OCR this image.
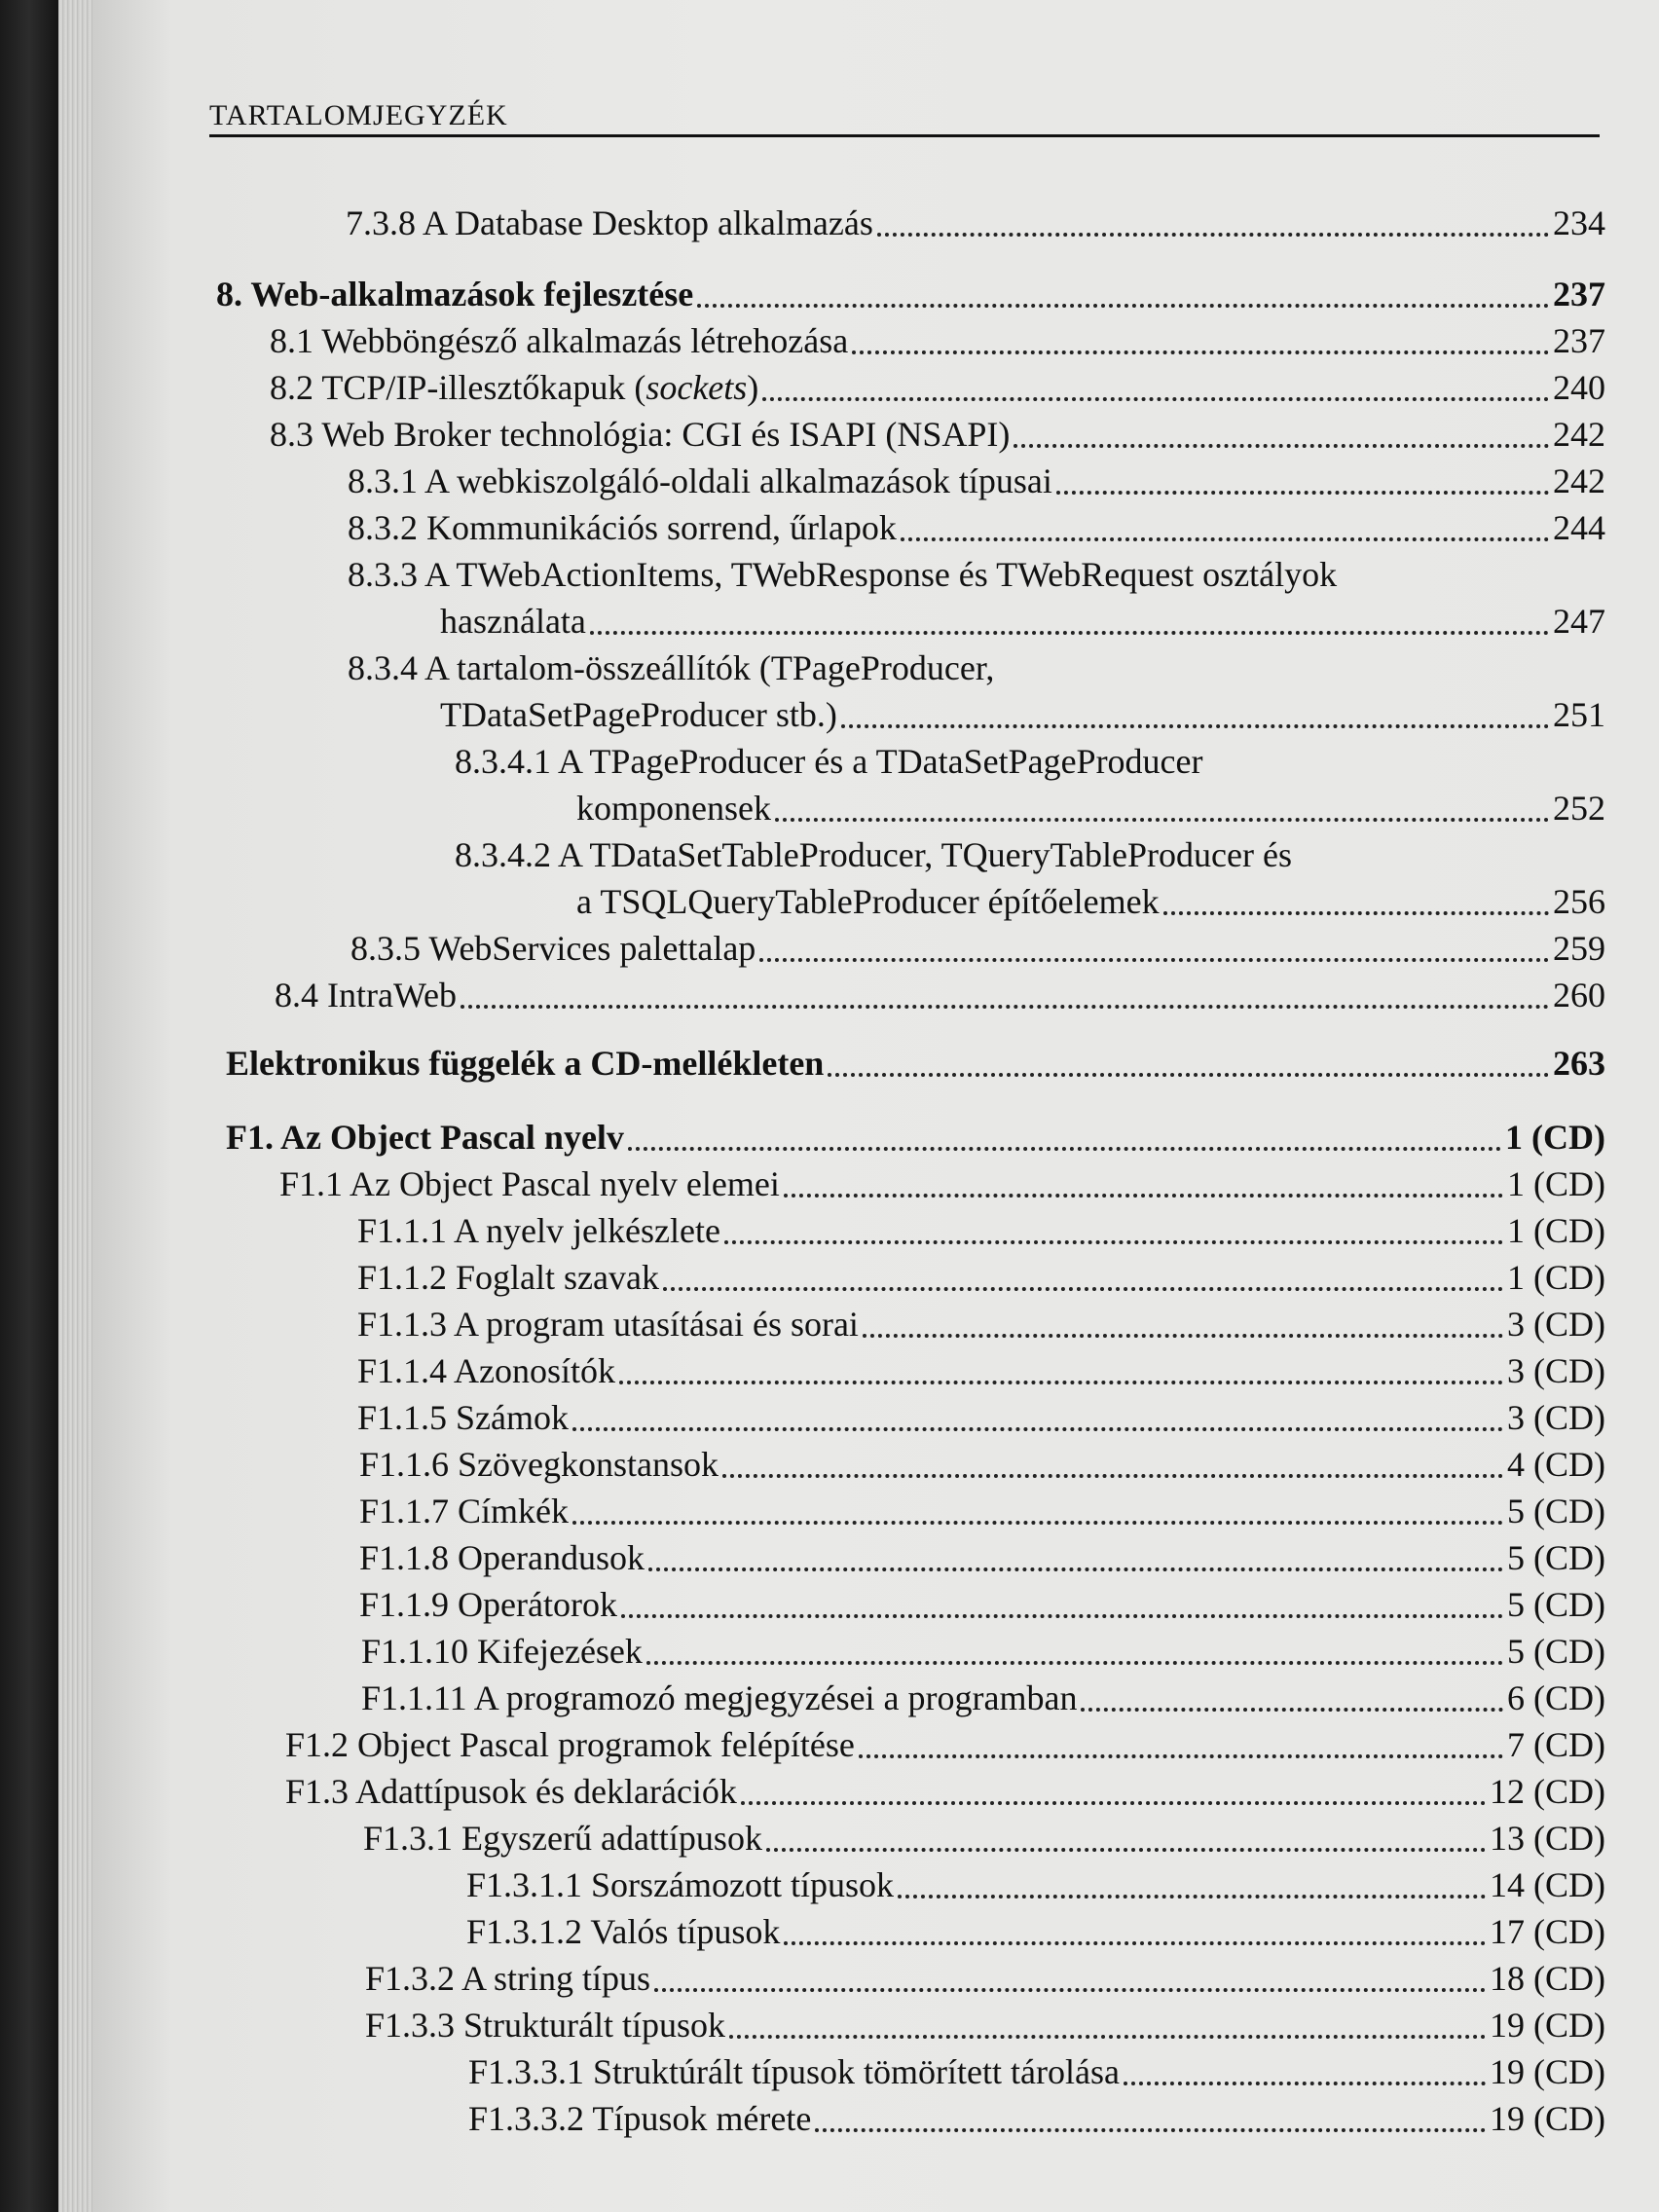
TARTALOMJEGYZÉK
7.3.8 A Database Desktop alkalmazás	234
8. Web-alkalmazások fejlesztése	237
8.1 Webböngésző alkalmazás létrehozása	237
8.2 TCP/IP-illesztőkapuk (sockets)	240
8.3 Web Broker technológia: CGI és ISAPI (NSAPI)	242
8.3.1 A webkiszolgáló-oldali alkalmazások típusai	242
8.3.2 Kommunikációs sorrend, űrlapok	244
8.3.3 A TWebActionItems, TWebResponse és TWebRequest osztályok
használata	247
8.3.4 A tartalom-összeállítók (TPageProducer,
TDataSetPageProducer stb.)	251
8.3.4.1 A TPageProducer és a TDataSetPageProducer
komponensek	252
8.3.4.2 A TDataSetTableProducer, TQueryTableProducer és
a TSQLQueryTableProducer építőelemek	256
8.3.5 WebServices palettalap	259
8.4 IntraWeb	260
Elektronikus függelék a CD-mellékleten	263
F1. Az Object Pascal nyelv	1 (CD)
F1.1 Az Object Pascal nyelv elemei	1 (CD)
F1.1.1 A nyelv jelkészlete	1 (CD)
F1.1.2 Foglalt szavak	1 (CD)
F1.1.3 A program utasításai és sorai	3 (CD)
F1.1.4 Azonosítók	3 (CD)
F1.1.5 Számok	3 (CD)
F1.1.6 Szövegkonstansok	4 (CD)
F1.1.7 Címkék	5 (CD)
F1.1.8 Operandusok	5 (CD)
F1.1.9 Operátorok	5 (CD)
F1.1.10 Kifejezések	5 (CD)
F1.1.11 A programozó megjegyzései a programban	6 (CD)
F1.2 Object Pascal programok felépítése	7 (CD)
F1.3 Adattípusok és deklarációk	12 (CD)
F1.3.1 Egyszerű adattípusok	13 (CD)
F1.3.1.1 Sorszámozott típusok	14 (CD)
F1.3.1.2 Valós típusok	17 (CD)
F1.3.2 A string típus	18 (CD)
F1.3.3 Strukturált típusok	19 (CD)
F1.3.3.1 Struktúrált típusok tömörített tárolása	19 (CD)
F1.3.3.2 Típusok mérete	19 (CD)
